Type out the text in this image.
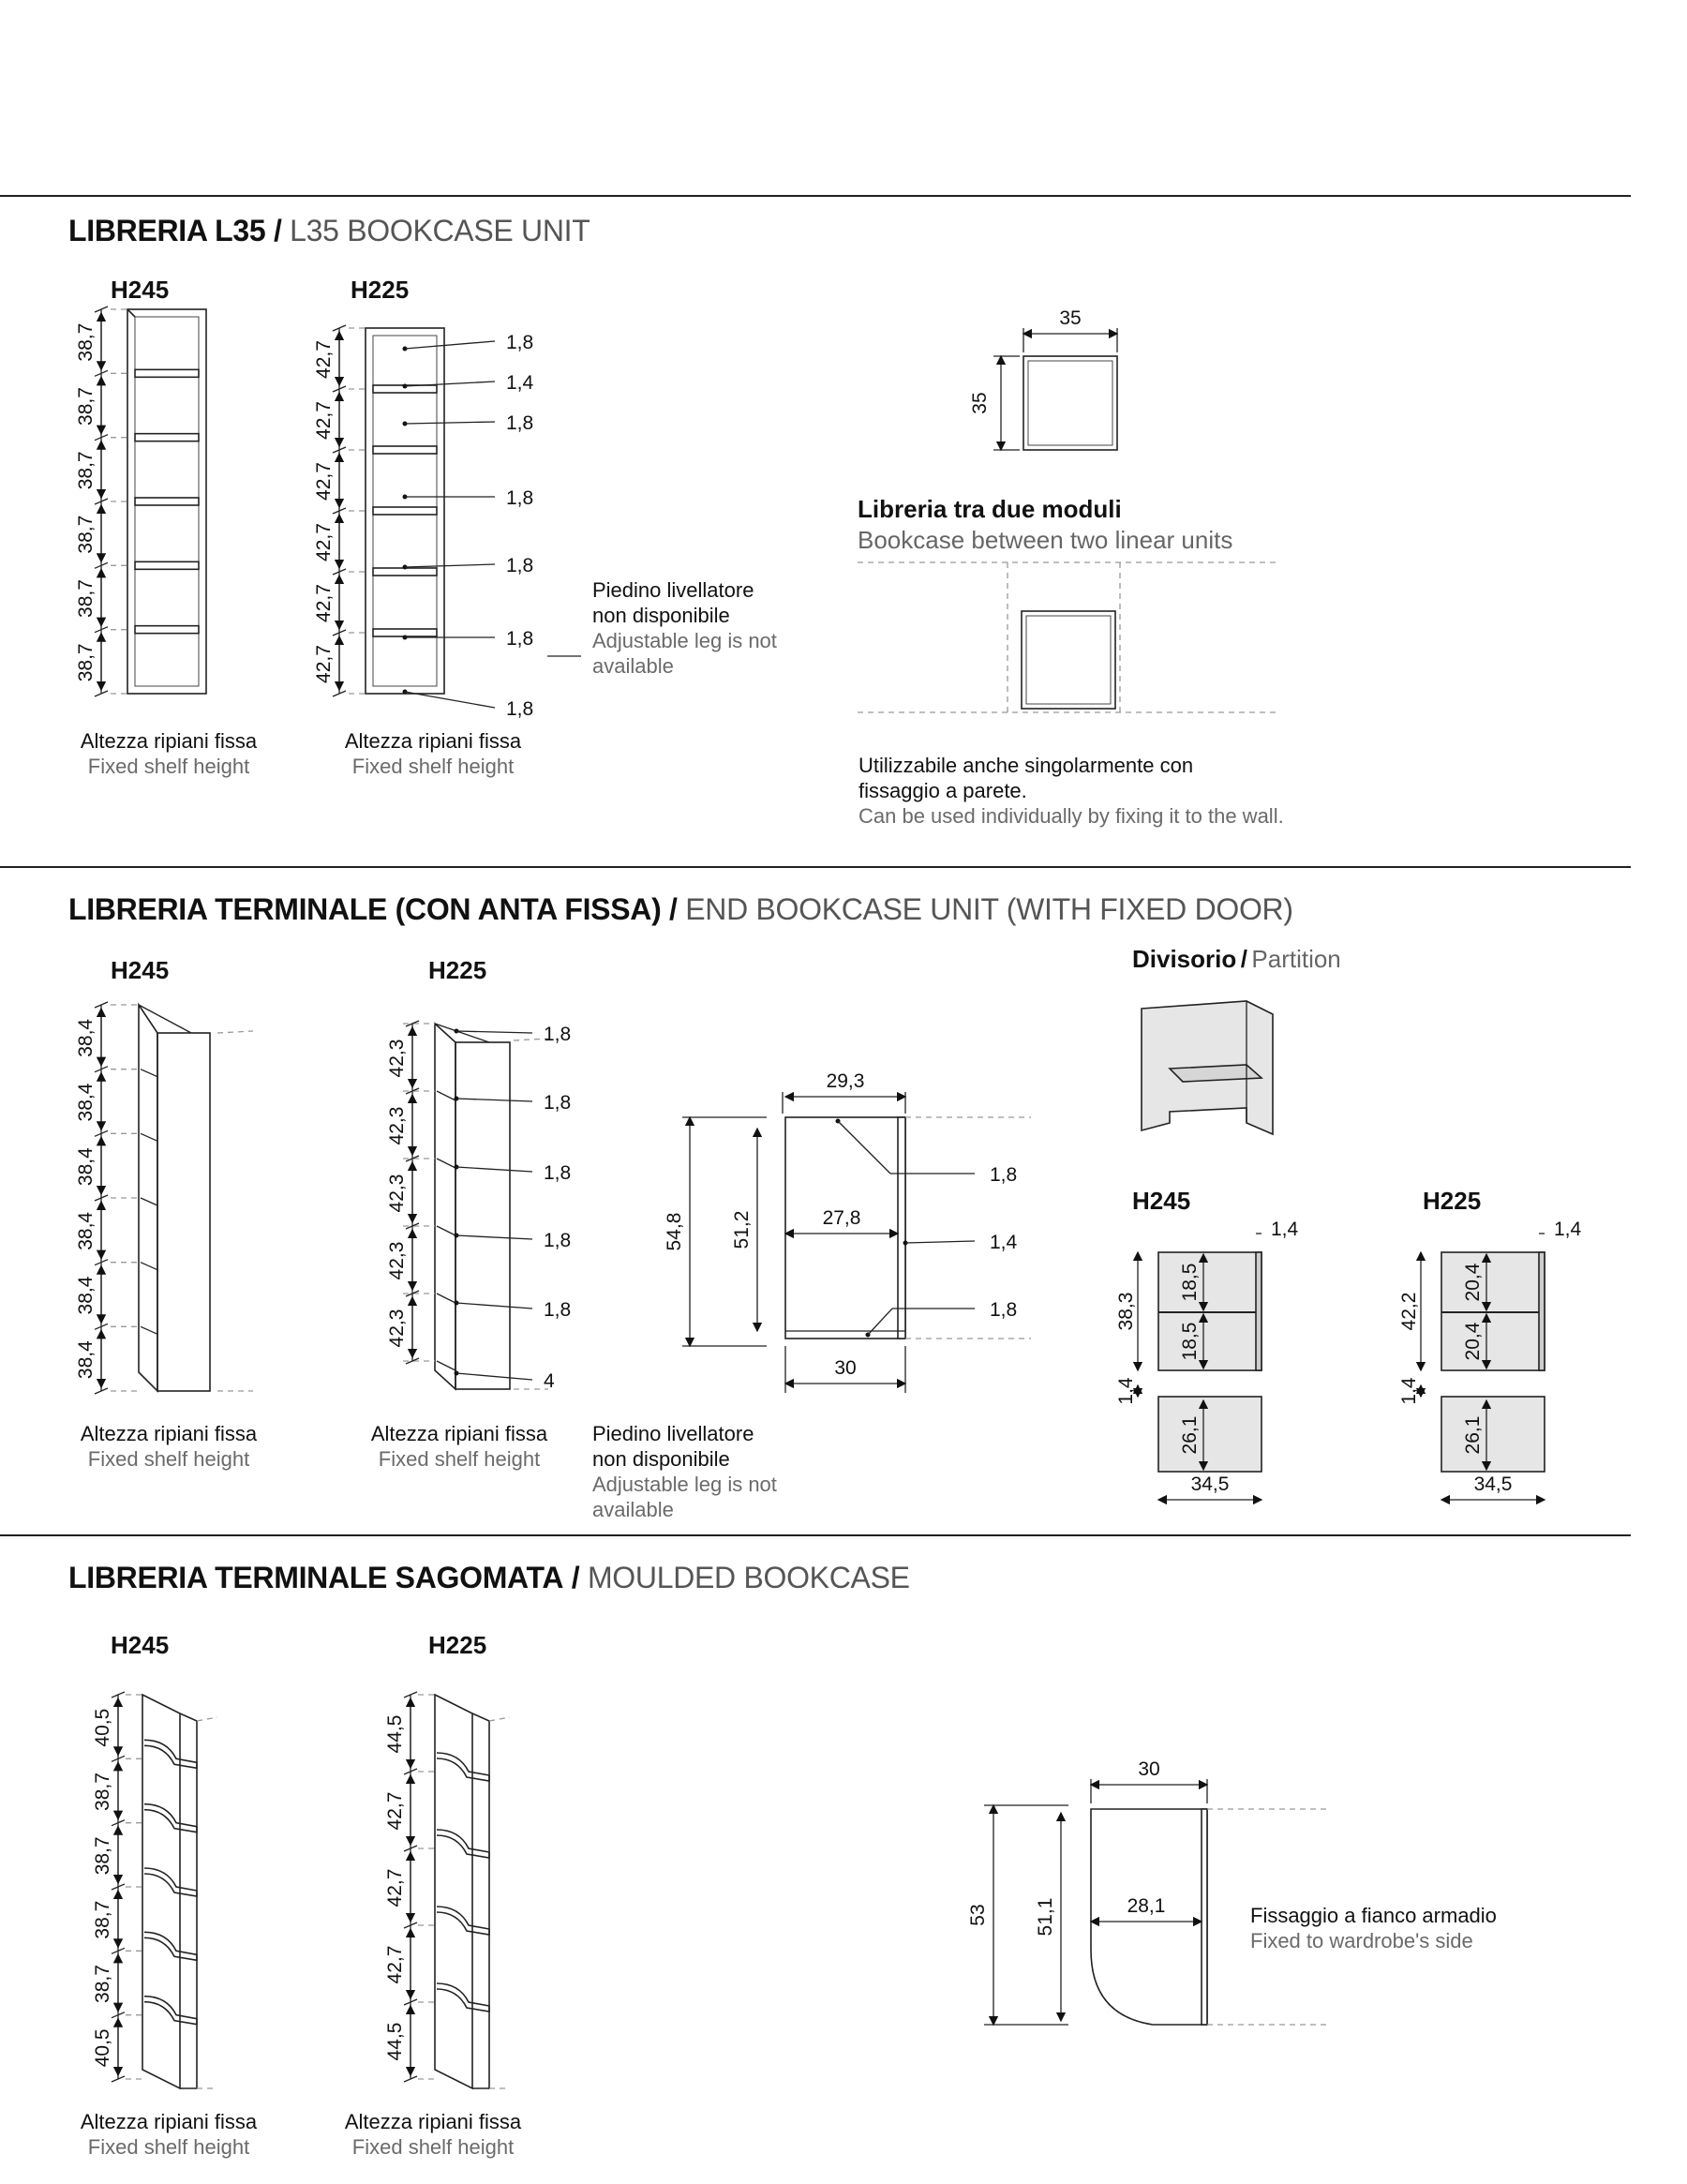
LIBRERIA L35 / L35 BOOKCASE UNIT
H245	H225
Altezza ripiani fissa
Fixed shelf height
Altezza ripiani fissa
Fixed shelf height
Piedino livellatore
non disponibile
Adjustable leg is not
available
Libreria tra due moduli
Bookcase between two linear units
Utilizzabile anche singolarmente con
fissaggio a parete.
Can be used individually by fixing it to the wall.
LIBRERIA TERMINALE (CON ANTA FISSA) / END BOOKCASE UNIT (WITH FIXED DOOR)
H245	H225
Altezza ripiani fissa
Fixed shelf height
Altezza ripiani fissa
Fixed shelf height
Piedino livellatore
non disponibile
Adjustable leg is not
available
Divisorio / Partition
H245	H225
LIBRERIA TERMINALE SAGOMATA / MOULDED BOOKCASE
H245	H225
Altezza ripiani fissa
Fixed shelf height
Altezza ripiani fissa
Fixed shelf height
Fissaggio a fianco armadio
Fixed to wardrobe's side
38,7
38,7
38,7
38,7
38,7
38,7
42,7
42,7
42,7
42,7
42,7
42,7
1,8
1,4
1,8
1,8
1,8
1,8
1,8
35
35
38,4
38,4
38,4
38,4
38,4
38,4
42,3
42,3
42,3
42,3
42,3
1,8
1,8
1,8
1,8
1,8
4
29,3
27,8
30
54,8 51,2
1,8
1,4
1,8
1,4
38,3
18,5
18,5
1,4
26,1
34,5
1,4
42,2
20,4
20,4
1,4
26,1
34,5
40,5
38,7
38,7
38,7
38,7
40,5
44,5
42,7
42,7
42,7
44,5
30
28,1
53 51,1
